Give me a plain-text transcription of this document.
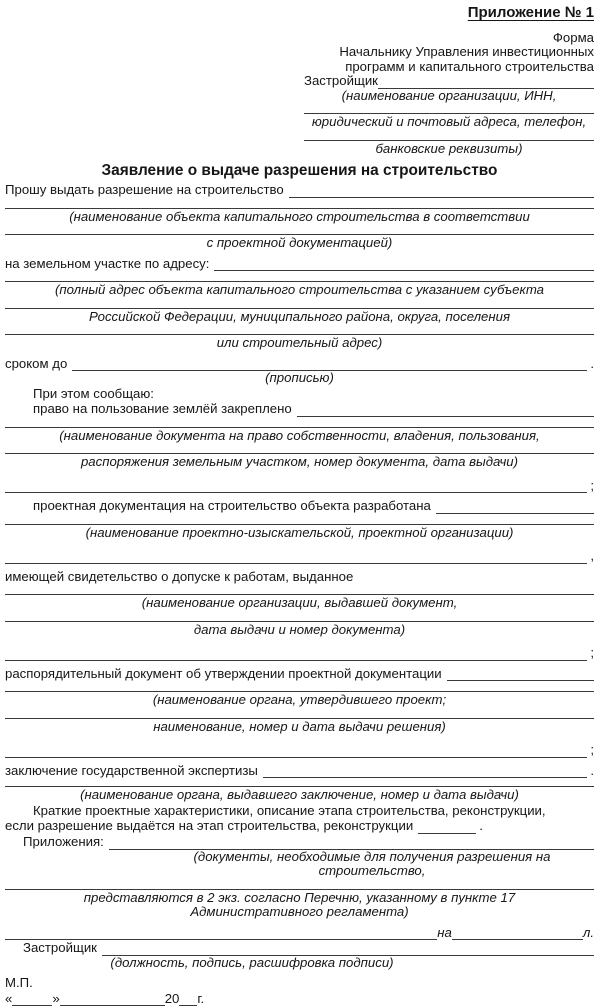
Приложение № 1
Форма
Начальнику Управления инвестиционных
программ и капитального строительства
Застройщик
(наименование организации, ИНН,
юридический и почтовый адреса, телефон,
банковские реквизиты)
Заявление о выдаче разрешения на строительство
Прошу выдать разрешение на строительство
(наименование объекта капитального строительства в соответствии
с проектной документацией)
на земельном участке по адресу:
(полный адрес объекта капитального строительства с указанием субъекта
Российской Федерации, муниципального района, округа, поселения
или строительный адрес)
сроком до	.
(прописью)
При этом сообщаю:
право на пользование землёй закреплено
(наименование документа на право собственности, владения, пользования,
распоряжения земельным участком, номер документа, дата выдачи)
;
проектная документация на строительство объекта разработана
(наименование проектно-изыскательской, проектной организации)
,
имеющей свидетельство о допуске к работам, выданное
(наименование организации, выдавшей документ,
дата выдачи и номер документа)
;
распорядительный документ об утверждении проектной документации
(наименование органа, утвердившего проект;
наименование, номер и дата выдачи решения)
;
заключение государственной экспертизы	.
(наименование органа, выдавшего заключение, номер и дата выдачи)
Краткие проектные характеристики, описание этапа строительства, реконструкции,
если разрешение выдаётся на этап строительства, реконструкции	.
Приложения:
(документы, необходимые для получения разрешения на строительство,
представляются в 2 экз. согласно Перечню, указанному в пункте 17
Административного регламента)
на	л.
Застройщик
(должность, подпись, расшифровка подписи)
М.П.
«	»	20 г.
